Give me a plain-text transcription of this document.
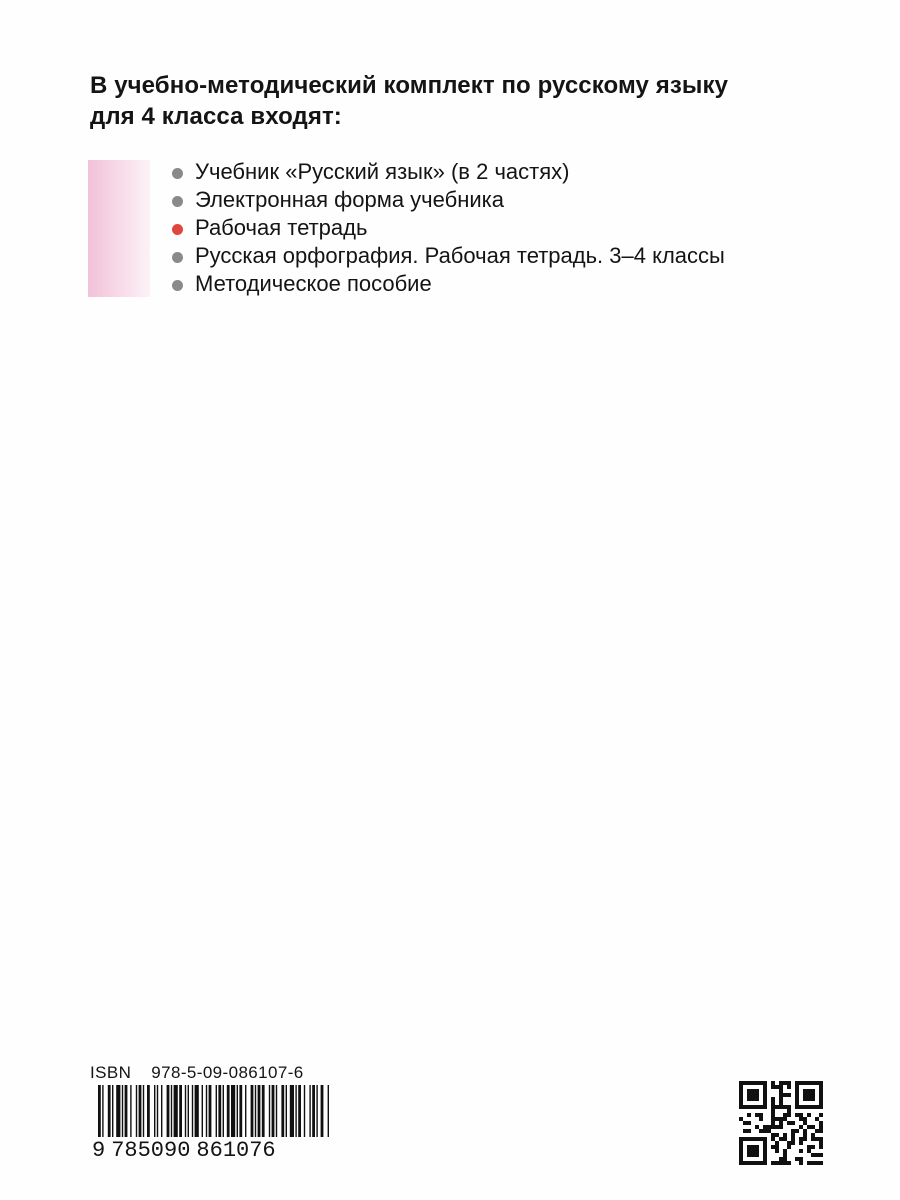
В учебно-методический комплект по русскому языку
для 4 класса входят:
Учебник «Русский язык» (в 2 частях)
Электронная форма учебника
Рабочая тетрадь
Русская орфография. Рабочая тетрадь. 3–4 классы
Методическое пособие
ISBN 978-5-09-086107-6
9 785090 861076
